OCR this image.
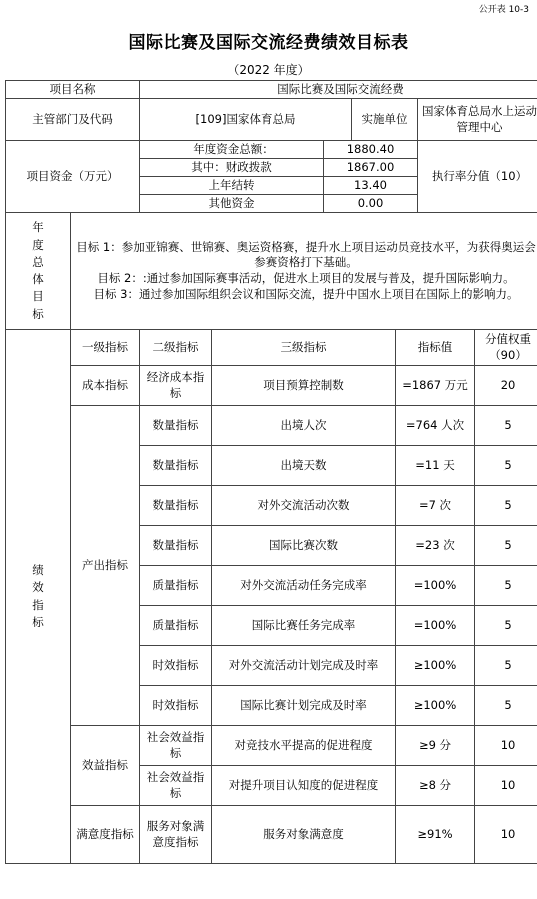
公开表 10-3
国际比赛及国际交流经费绩效目标表
（2022 年度）
项目名称		国际比赛及国际交流经费						
主管部门及代码		[109]国家体育总局			实施单位		国家体育总局水上运动管理中心	
项目资金（万元）		年度资金总额：		1880.40			执行率分值（10）	
		其中：财政拨款		1867.00				
		上年结转		13.40				
		其他资金		0.00				

年度总体目标	目标 1：参加亚锦赛、世锦赛、奥运资格赛，提升水上项目运动员竞技水平，为获得奥运会参赛资格打下基础。
目标 2：:通过参加国际赛事活动，促进水上项目的发展与普及，提升国际影响力。
目标 3：通过参加国际组织会议和国际交流，提升中国水上项目在国际上的影响力。							

绩效指标	一级指标	二级指标	三级指标			指标值		分值权重（90）
	成本指标	经济成本指标	项目预算控制数			=1867 万元		20
	产出指标	数量指标	出境人次			=764 人次		5
		数量指标	出境天数			=11 天		5
		数量指标	对外交流活动次数			=7 次		5
		数量指标	国际比赛次数			=23 次		5
		质量指标	对外交流活动任务完成率			=100%		5
		质量指标	国际比赛任务完成率			=100%		5
		时效指标	对外交流活动计划完成及时率			≥100%		5
		时效指标	国际比赛计划完成及时率			≥100%		5
	效益指标	社会效益指标	对竞技水平提高的促进程度			≥9 分		10
		社会效益指标	对提升项目认知度的促进程度			≥8 分		10
	满意度指标	服务对象满意度指标	服务对象满意度			≥91%		10
